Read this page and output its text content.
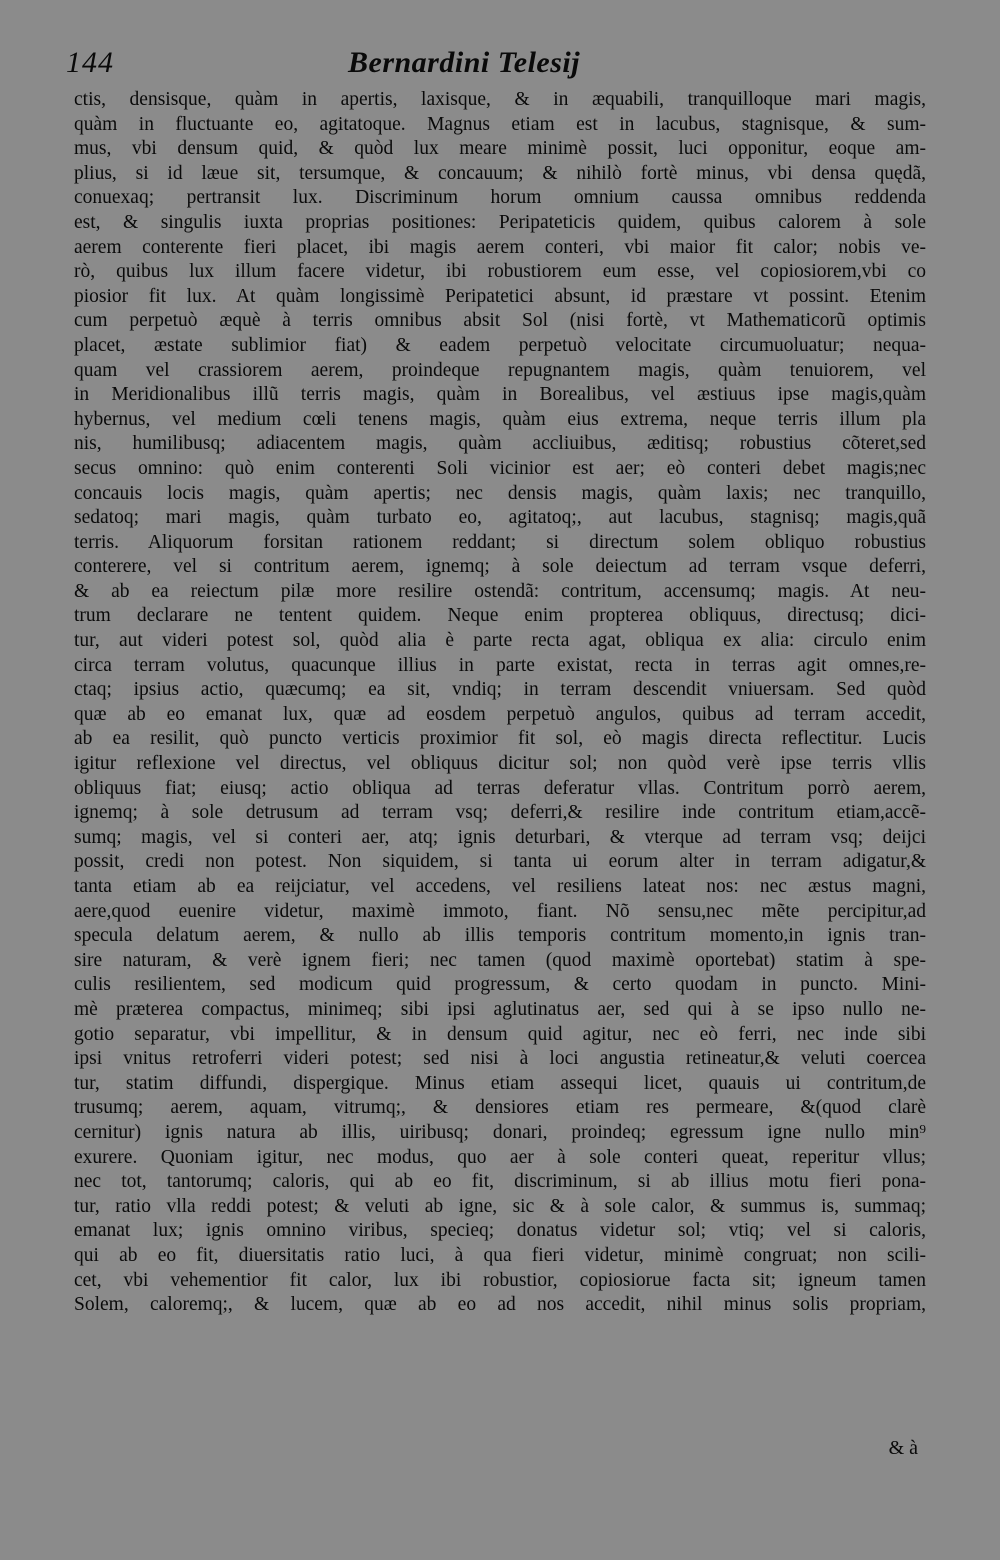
144	Bernardini Telesij
ctis, densisque, quàm in apertis, laxisque, & in æquabili, tranquilloque mari magis,
quàm in fluctuante eo, agitatoque. Magnus etiam est in lacubus, stagnisque, & sum-
mus, vbi densum quid, & quòd lux meare minimè possit, luci opponitur, eoque am-
plius, si id læue sit, tersumque, & concauum; & nihilò fortè minus, vbi densa quędã,
conuexaq; pertransit lux. Discriminum horum omnium caussa omnibus reddenda
est, & singulis iuxta proprias positiones: Peripateticis quidem, quibus calorem à sole
aerem conterente fieri placet, ibi magis aerem conteri, vbi maior fit calor; nobis ve-
rò, quibus lux illum facere videtur, ibi robustiorem eum esse, vel copiosiorem,vbi co
piosior fit lux. At quàm longissimè Peripatetici absunt, id præstare vt possint. Etenim
cum perpetuò æquè à terris omnibus absit Sol (nisi fortè, vt Mathematicorũ optimis
placet, æstate sublimior fiat) & eadem perpetuò velocitate circumuoluatur; nequa-
quam vel crassiorem aerem, proindeque repugnantem magis, quàm tenuiorem, vel
in Meridionalibus illũ terris magis, quàm in Borealibus, vel æstiuus ipse magis,quàm
hybernus, vel medium cœli tenens magis, quàm eius extrema, neque terris illum pla
nis, humilibusq; adiacentem magis, quàm accliuibus, æditisq; robustius cõteret,sed
secus omnino: quò enim conterenti Soli vicinior est aer; eò conteri debet magis;nec
concauis locis magis, quàm apertis; nec densis magis, quàm laxis; nec tranquillo,
sedatoq; mari magis, quàm turbato eo, agitatoq;, aut lacubus, stagnisq; magis,quã
terris. Aliquorum forsitan rationem reddant; si directum solem obliquo robustius
conterere, vel si contritum aerem, ignemq; à sole deiectum ad terram vsque deferri,
& ab ea reiectum pilæ more resilire ostendã: contritum, accensumq; magis. At neu-
trum declarare ne tentent quidem. Neque enim propterea obliquus, directusq; dici-
tur, aut videri potest sol, quòd alia è parte recta agat, obliqua ex alia: circulo enim
circa terram volutus, quacunque illius in parte existat, recta in terras agit omnes,re-
ctaq; ipsius actio, quæcumq; ea sit, vndiq; in terram descendit vniuersam. Sed quòd
quæ ab eo emanat lux, quæ ad eosdem perpetuò angulos, quibus ad terram accedit,
ab ea resilit, quò puncto verticis proximior fit sol, eò magis directa reflectitur. Lucis
igitur reflexione vel directus, vel obliquus dicitur sol; non quòd verè ipse terris vllis
obliquus fiat; eiusq; actio obliqua ad terras deferatur vllas. Contritum porrò aerem,
ignemq; à sole detrusum ad terram vsq; deferri,& resilire inde contritum etiam,accẽ-
sumq; magis, vel si conteri aer, atq; ignis deturbari, & vterque ad terram vsq; deijci
possit, credi non potest. Non siquidem, si tanta ui eorum alter in terram adigatur,&
tanta etiam ab ea reijciatur, vel accedens, vel resiliens lateat nos: nec æstus magni,
aere,quod euenire videtur, maximè immoto, fiant. Nõ sensu,nec mẽte percipitur,ad
specula delatum aerem, & nullo ab illis temporis contritum momento,in ignis tran-
sire naturam, & verè ignem fieri; nec tamen (quod maximè oportebat) statim à spe-
culis resilientem, sed modicum quid progressum, & certo quodam in puncto. Mini-
mè præterea compactus, minimeq; sibi ipsi aglutinatus aer, sed qui à se ipso nullo ne-
gotio separatur, vbi impellitur, & in densum quid agitur, nec eò ferri, nec inde sibi
ipsi vnitus retroferri videri potest; sed nisi à loci angustia retineatur,& veluti coercea
tur, statim diffundi, dispergique. Minus etiam assequi licet, quauis ui contritum,de
trusumq; aerem, aquam, vitrumq;, & densiores etiam res permeare, &(quod clarè
cernitur) ignis natura ab illis, uiribusq; donari, proindeq; egressum igne nullo min⁹
exurere. Quoniam igitur, nec modus, quo aer à sole conteri queat, reperitur vllus;
nec tot, tantorumq; caloris, qui ab eo fit, discriminum, si ab illius motu fieri pona-
tur, ratio vlla reddi potest; & veluti ab igne, sic & à sole calor, & summus is, summaq;
emanat lux; ignis omnino viribus, specieq; donatus videtur sol; vtiq; vel si caloris,
qui ab eo fit, diuersitatis ratio luci, à qua fieri videtur, minimè congruat; non scili-
cet, vbi vehementior fit calor, lux ibi robustior, copiosiorue facta sit; igneum tamen
Solem, caloremq;, & lucem, quæ ab eo ad nos accedit, nihil minus solis propriam,
& à
